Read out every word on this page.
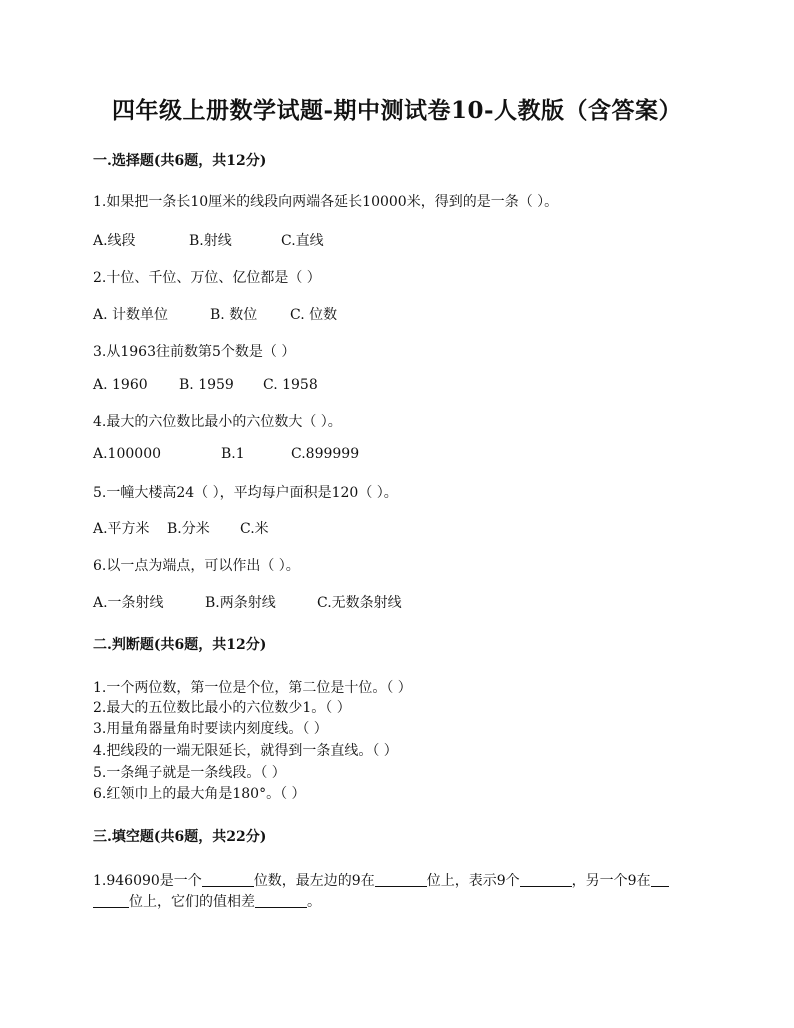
四年级上册数学试题-期中测试卷10-人教版（含答案）
一.选择题(共6题，共12分)
1.如果把一条长10厘米的线段向两端各延长10000米，得到的是一条（ ）。
A.线段	B.射线	C.直线
2.十位、千位、万位、亿位都是（ ）
A. 计数单位	B. 数位 C. 位数
3.从1963往前数第5个数是（ ）
A. 1960 B. 1959 C. 1958
4.最大的六位数比最小的六位数大（ ）。
A.100000	B.1	C.899999
5.一幢大楼高24（ ），平均每户面积是120（ ）。
A.平方米 B.分米 C.米
6.以一点为端点，可以作出（ ）。
A.一条射线	B.两条射线	C.无数条射线
二.判断题(共6题，共12分)
1.一个两位数，第一位是个位，第二位是十位。（ ）
2.最大的五位数比最小的六位数少1。（ ）
3.用量角器量角时要读内刻度线。（ ）
4.把线段的一端无限延长，就得到一条直线。（ ）
5.一条绳子就是一条线段。（ ）
6.红领巾上的最大角是180°。（ ）
三.填空题(共6题，共22分)
1.946090是一个	位数，最左边的9在	位上，表示9个	，另一个9在
位上，它们的值相差	。
